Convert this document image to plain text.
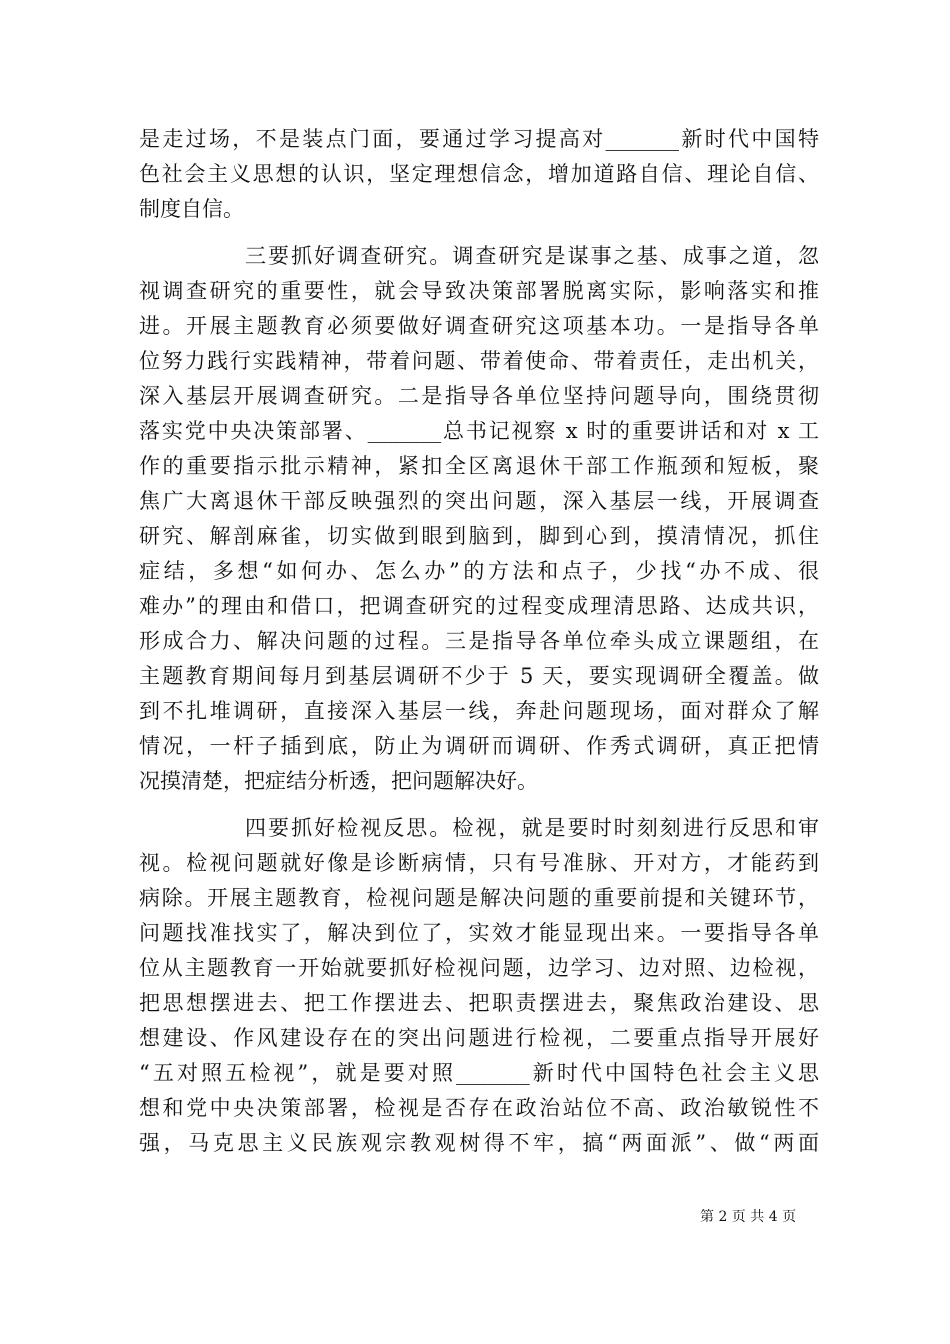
是走过场，不是装点门面，要通过学习提高对_______新时代中国特
色社会主义思想的认识，坚定理想信念，增加道路自信、理论自信、
制度自信。
三要抓好调查研究。调查研究是谋事之基、成事之道，忽
视调查研究的重要性，就会导致决策部署脱离实际，影响落实和推
进。开展主题教育必须要做好调查研究这项基本功。一是指导各单
位努力践行实践精神，带着问题、带着使命、带着责任，走出机关，
深入基层开展调查研究。二是指导各单位坚持问题导向，围绕贯彻
落实党中央决策部署、_______总书记视察 x 时的重要讲话和对 x 工
作的重要指示批示精神，紧扣全区离退休干部工作瓶颈和短板，聚
焦广大离退休干部反映强烈的突出问题，深入基层一线，开展调查
研究、解剖麻雀，切实做到眼到脑到，脚到心到，摸清情况，抓住
症结，多想“如何办、怎么办”的方法和点子，少找“办不成、很
难办”的理由和借口，把调查研究的过程变成理清思路、达成共识，
形成合力、解决问题的过程。三是指导各单位牵头成立课题组，在
主题教育期间每月到基层调研不少于 5 天，要实现调研全覆盖。做
到不扎堆调研，直接深入基层一线，奔赴问题现场，面对群众了解
情况，一杆子插到底，防止为调研而调研、作秀式调研，真正把情
况摸清楚，把症结分析透，把问题解决好。
四要抓好检视反思。检视，就是要时时刻刻进行反思和审
视。检视问题就好像是诊断病情，只有号准脉、开对方，才能药到
病除。开展主题教育，检视问题是解决问题的重要前提和关键环节，
问题找准找实了，解决到位了，实效才能显现出来。一要指导各单
位从主题教育一开始就要抓好检视问题，边学习、边对照、边检视，
把思想摆进去、把工作摆进去、把职责摆进去，聚焦政治建设、思
想建设、作风建设存在的突出问题进行检视，二要重点指导开展好
“五对照五检视”，就是要对照_______新时代中国特色社会主义思
想和党中央决策部署，检视是否存在政治站位不高、政治敏锐性不
强，马克思主义民族观宗教观树得不牢，搞“两面派”、做“两面
第 2 页 共 4 页
